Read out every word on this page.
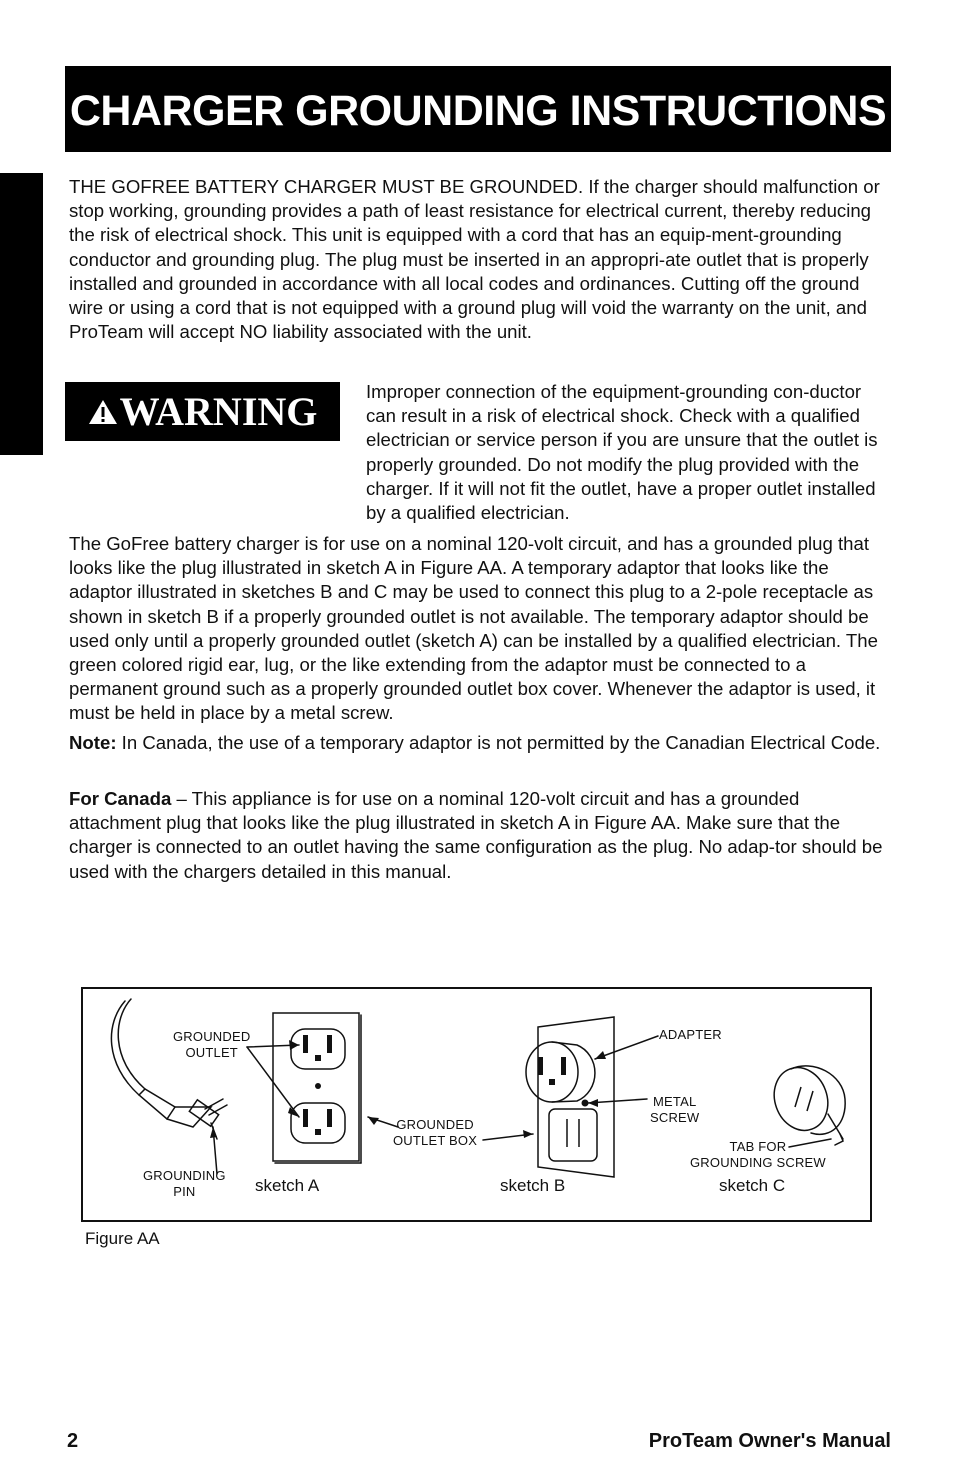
CHARGER GROUNDING INSTRUCTIONS

THE GOFREE BATTERY CHARGER MUST BE GROUNDED. If the charger should malfunction or stop working, grounding provides a path of least resistance for electrical current, thereby reducing the risk of electrical shock. This unit is equipped with a cord that has an equip-ment-grounding conductor and grounding plug. The plug must be inserted in an appropri-ate outlet that is properly installed and grounded in accordance with all local codes and ordinances. Cutting off the ground wire or using a cord that is not equipped with a ground plug will void the warranty on the unit, and ProTeam will accept NO liability associated with the unit.

WARNING	Improper connection of the equipment-grounding con-ductor can result in a risk of electrical shock. Check with a qualified electrician or service person if you are unsure that the outlet is properly grounded. Do not modify the plug provided with the charger. If it will not fit the outlet, have a proper outlet installed by a qualified electrician.

The GoFree battery charger is for use on a nominal 120-volt circuit, and has a grounded plug that looks like the plug illustrated in sketch A in Figure AA. A temporary adaptor that looks like the adaptor illustrated in sketches B and C may be used to connect this plug to a 2-pole receptacle as shown in sketch B if a properly grounded outlet is not available. The temporary adaptor should be used only until a properly grounded outlet (sketch A) can be installed by a qualified electrician. The green colored rigid ear, lug, or the like extending from the adaptor must be connected to a permanent ground such as a properly grounded outlet box cover. Whenever the adaptor is used, it must be held in place by a metal screw.

Note: In Canada, the use of a temporary adaptor is not permitted by the Canadian Electrical Code.

For Canada – This appliance is for use on a nominal 120-volt circuit and has a grounded attachment plug that looks like the plug illustrated in sketch A in Figure AA. Make sure that the charger is connected to an outlet having the same configuration as the plug. No adap-tor should be used with the chargers detailed in this manual.

GROUNDED
OUTLET
GROUNDING
PIN
GROUNDED
OUTLET BOX
ADAPTER
METAL
SCREW
TAB FOR
GROUNDING SCREW
sketch A	sketch B	sketch C
Figure AA
2	ProTeam Owner's Manual
